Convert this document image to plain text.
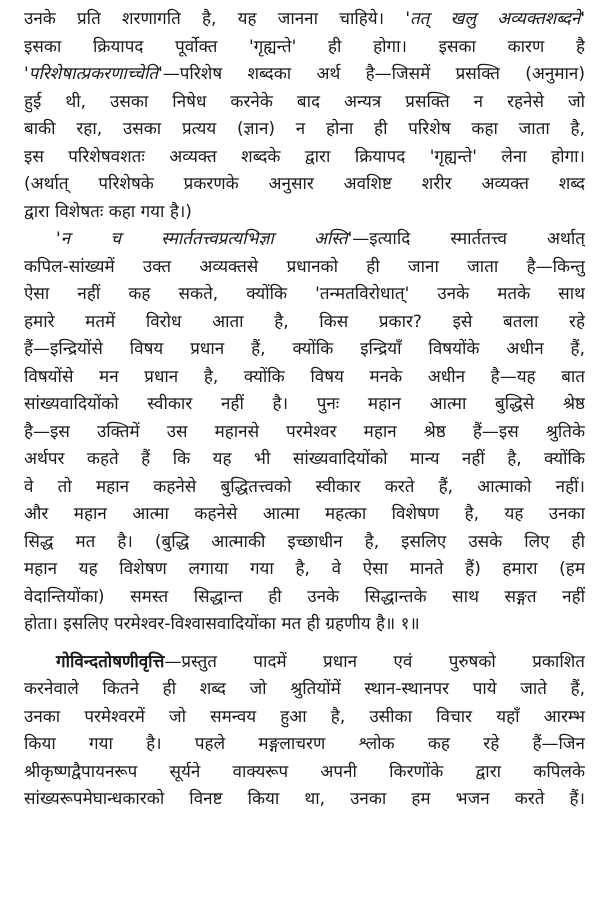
उनके प्रति शरणागति है, यह जानना चाहिये। 'तत् खलु अव्यक्तशब्दने'
इसका क्रियापद पूर्वोक्त 'गृह्यन्ते' ही होगा। इसका कारण है
'परिशेषात्प्रकरणाच्चेति'—परिशेष शब्दका अर्थ है—जिसमें प्रसक्ति (अनुमान)
हुई थी, उसका निषेध करनेके बाद अन्यत्र प्रसक्ति न रहनेसे जो
बाकी रहा, उसका प्रत्यय (ज्ञान) न होना ही परिशेष कहा जाता है,
इस परिशेषवशतः अव्यक्त शब्दके द्वारा क्रियापद 'गृह्यन्ते' लेना होगा।
(अर्थात् परिशेषके प्रकरणके अनुसार अवशिष्ट शरीर अव्यक्त शब्द
द्वारा विशेषतः कहा गया है।)
'न च स्मार्ततत्त्वप्रत्यभिज्ञा अस्ति'—इत्यादि स्मार्ततत्त्व अर्थात्
कपिल-सांख्यमें उक्त अव्यक्तसे प्रधानको ही जाना जाता है—किन्तु
ऐसा नहीं कह सकते, क्योंकि 'तन्मतविरोधात्' उनके मतके साथ
हमारे मतमें विरोध आता है, किस प्रकार? इसे बतला रहे
हैं—इन्द्रियोंसे विषय प्रधान हैं, क्योंकि इन्द्रियाँ विषयोंके अधीन हैं,
विषयोंसे मन प्रधान है, क्योंकि विषय मनके अधीन है—यह बात
सांख्यवादियोंको स्वीकार नहीं है। पुनः महान आत्मा बुद्धिसे श्रेष्ठ
है—इस उक्तिमें उस महानसे परमेश्वर महान श्रेष्ठ हैं—इस श्रुतिके
अर्थपर कहते हैं कि यह भी सांख्यवादियोंको मान्य नहीं है, क्योंकि
वे तो महान कहनेसे बुद्धितत्त्वको स्वीकार करते हैं, आत्माको नहीं।
और महान आत्मा कहनेसे आत्मा महत्का विशेषण है, यह उनका
सिद्ध मत है। (बुद्धि आत्माकी इच्छाधीन है, इसलिए उसके लिए ही
महान यह विशेषण लगाया गया है, वे ऐसा मानते हैं) हमारा (हम
वेदान्तियोंका) समस्त सिद्धान्त ही उनके सिद्धान्तके साथ सङ्गत नहीं
होता। इसलिए परमेश्वर-विश्वासवादियोंका मत ही ग्रहणीय है॥ १॥
गोविन्दतोषणीवृत्ति—प्रस्तुत पादमें प्रधान एवं पुरुषको प्रकाशित
करनेवाले कितने ही शब्द जो श्रुतियोंमें स्थान-स्थानपर पाये जाते हैं,
उनका परमेश्वरमें जो समन्वय हुआ है, उसीका विचार यहाँ आरम्भ
किया गया है। पहले मङ्गलाचरण श्लोक कह रहे हैं—जिन
श्रीकृष्णद्वैपायनरूप सूर्यने वाक्यरूप अपनी किरणोंके द्वारा कपिलके
सांख्यरूपमेघान्धकारको विनष्ट किया था, उनका हम भजन करते हैं।
